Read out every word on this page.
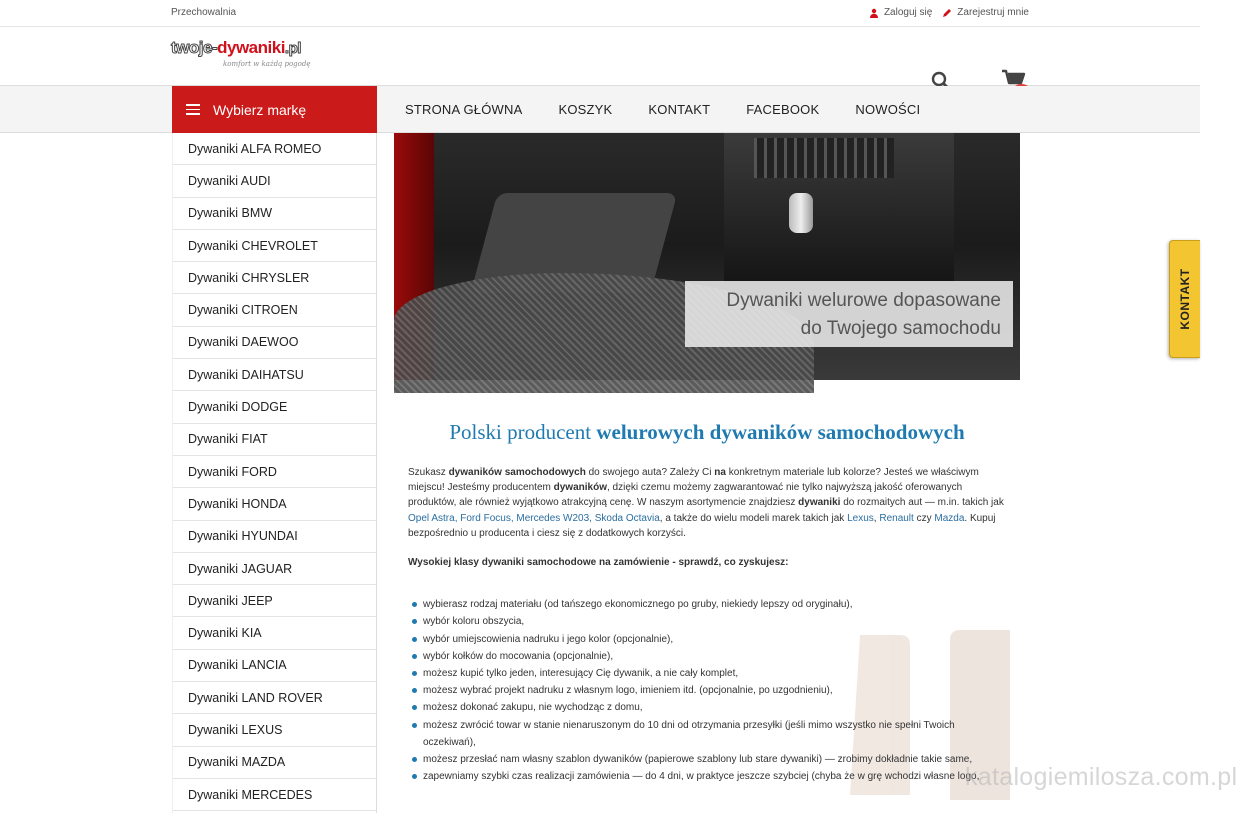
Przechowalnia	Zaloguj się	Zarejestruj mnie
twoje-dywaniki.pl
komfort w każdą pogodę
Wybierz markę	STRONA GŁÓWNA	KOSZYK	KONTAKT	FACEBOOK	NOWOŚCI
Dywaniki ALFA ROMEO
Dywaniki AUDI
Dywaniki BMW
Dywaniki CHEVROLET
Dywaniki CHRYSLER
Dywaniki CITROEN
Dywaniki DAEWOO
Dywaniki DAIHATSU
Dywaniki DODGE
Dywaniki FIAT
Dywaniki FORD
Dywaniki HONDA
Dywaniki HYUNDAI
Dywaniki JAGUAR
Dywaniki JEEP
Dywaniki KIA
Dywaniki LANCIA
Dywaniki LAND ROVER
Dywaniki LEXUS
Dywaniki MAZDA
Dywaniki MERCEDES
Dywaniki welurowe dopasowane
do Twojego samochodu
Polski producent welurowych dywaników samochodowych

Szukasz dywaników samochodowych do swojego auta? Zależy Ci na konkretnym materiale lub kolorze? Jesteś we właściwym miejscu! Jesteśmy producentem dywaników, dzięki czemu możemy zagwarantować nie tylko najwyższą jakość oferowanych produktów, ale również wyjątkowo atrakcyjną cenę. W naszym asortymencie znajdziesz dywaniki do rozmaitych aut — m.in. takich jak Opel Astra, Ford Focus, Mercedes W203, Skoda Octavia, a także do wielu modeli marek takich jak Lexus, Renault czy Mazda. Kupuj bezpośrednio u producenta i ciesz się z dodatkowych korzyści.

Wysokiej klasy dywaniki samochodowe na zamówienie - sprawdź, co zyskujesz:

wybierasz rodzaj materiału (od tańszego ekonomicznego po gruby, niekiedy lepszy od oryginału),
wybór koloru obszycia,
wybór umiejscowienia nadruku i jego kolor (opcjonalnie),
wybór kołków do mocowania (opcjonalnie),
możesz kupić tylko jeden, interesujący Cię dywanik, a nie cały komplet,
możesz wybrać projekt nadruku z własnym logo, imieniem itd. (opcjonalnie, po uzgodnieniu),
możesz dokonać zakupu, nie wychodząc z domu,
możesz zwrócić towar w stanie nienaruszonym do 10 dni od otrzymania przesyłki (jeśli mimo wszystko nie spełni Twoich oczekiwań),
możesz przesłać nam własny szablon dywaników (papierowe szablony lub stare dywaniki) — zrobimy dokładnie takie same,
zapewniamy szybki czas realizacji zamówienia — do 4 dni, w praktyce jeszcze szybciej (chyba że w grę wchodzi własne logo,
KONTAKT
katalogiemilosza.com.pl
